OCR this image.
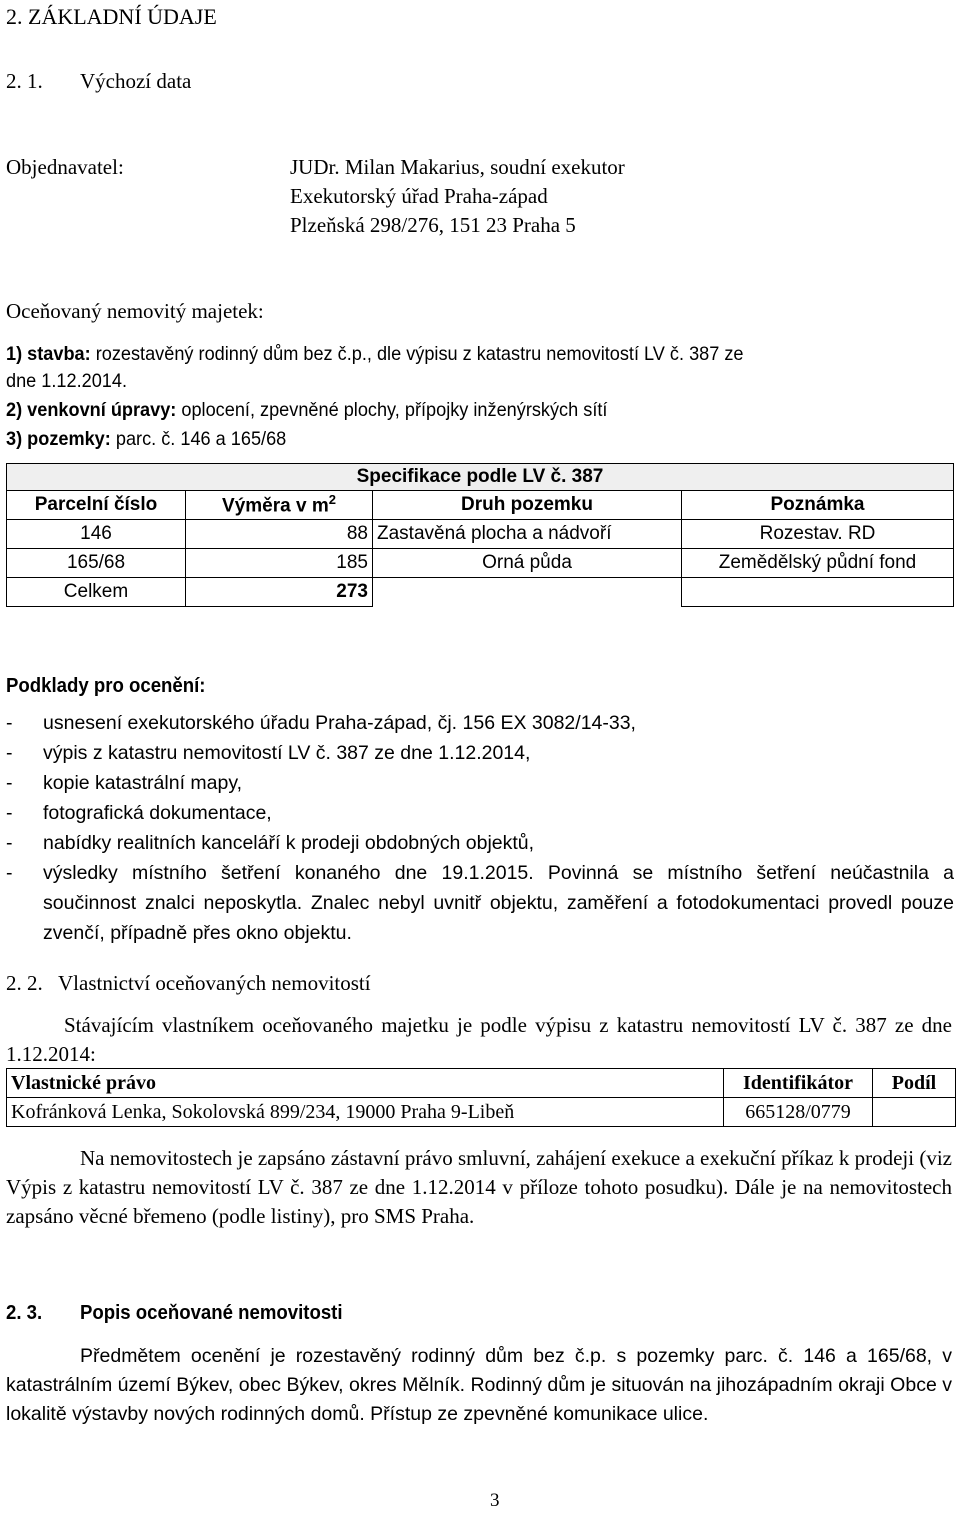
2. ZÁKLADNÍ ÚDAJE
2. 1. Výchozí data
Objednavatel:	JUDr. Milan Makarius, soudní exekutor
Exekutorský úřad Praha-západ
Plzeňská 298/276, 151 23 Praha 5
Oceňovaný nemovitý majetek:
1) stavba: rozestavěný rodinný dům bez č.p., dle výpisu z katastru nemovitostí LV č. 387 ze
dne 1.12.2014.
2) venkovní úpravy: oplocení, zpevněné plochy, přípojky inženýrských sítí
3) pozemky: parc. č. 146 a 165/68
Specifikace podle LV č. 387			
Parcelní číslo	Výměra v $m^2$	Druh pozemku	Poznámka
146	88	Zastavěná plocha a nádvoří	Rozestav. RD
165/68	185	Orná půda	Zemědělský půdní fond
Celkem	273		
Podklady pro ocenění:
- usnesení exekutorského úřadu Praha-západ, čj. 156 EX 3082/14-33,
- výpis z katastru nemovitostí LV č. 387 ze dne 1.12.2014,
- kopie katastrální mapy,
- fotografická dokumentace,
- nabídky realitních kanceláří k prodeji obdobných objektů,
- výsledky místního šetření konaného dne 19.1.2015. Povinná se místního šetření neúčastnila a součinnost znalci neposkytla. Znalec nebyl uvnitř objektu, zaměření a fotodokumentaci provedl pouze zvenčí, případně přes okno objektu.
2. 2. Vlastnictví oceňovaných nemovitostí
Stávajícím vlastníkem oceňovaného majetku je podle výpisu z katastru nemovitostí LV č. 387 ze dne 1.12.2014:
Vlastnické právo	Identifikátor	Podíl
Kofránková Lenka, Sokolovská 899/234, 19000 Praha 9-Libeň	665128/0779	
Na nemovitostech je zapsáno zástavní právo smluvní, zahájení exekuce a exekuční příkaz k prodeji (viz Výpis z katastru nemovitostí LV č. 387 ze dne 1.12.2014 v příloze tohoto posudku). Dále je na nemovitostech zapsáno věcné břemeno (podle listiny), pro SMS Praha.
2. 3. Popis oceňované nemovitosti
Předmětem ocenění je rozestavěný rodinný dům bez č.p. s pozemky parc. č. 146 a 165/68, v katastrálním území Býkev, obec Býkev, okres Mělník. Rodinný dům je situován na jihozápadním okraji Obce v lokalitě výstavby nových rodinných domů. Přístup ze zpevněné komunikace ulice.
3
